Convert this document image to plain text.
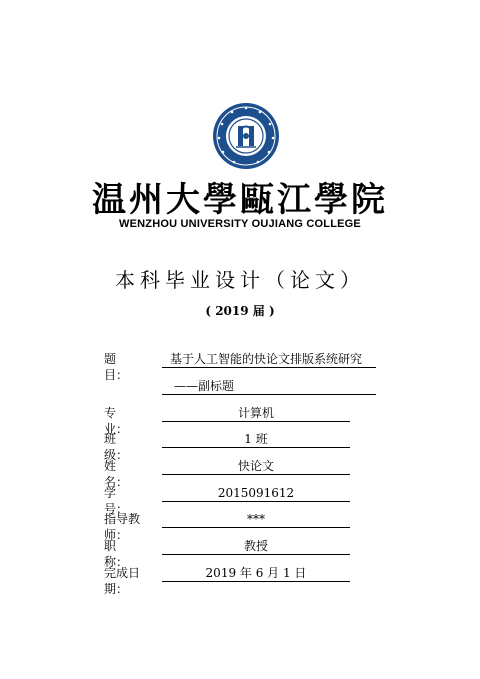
温州大學甌江學院
WENZHOU UNIVERSITY OUJIANG COLLEGE
本科毕业设计（论文）
( 2019 届 )
题　　目：
基于人工智能的快论文排版系统研究
——副标题
专　　业：
计算机
班　　级：
1 班
姓　　名：
快论文
学　　号：
2015091612
指导教师：
***
职　　称：
教授
完成日期：
2019 年 6 月 1 日
